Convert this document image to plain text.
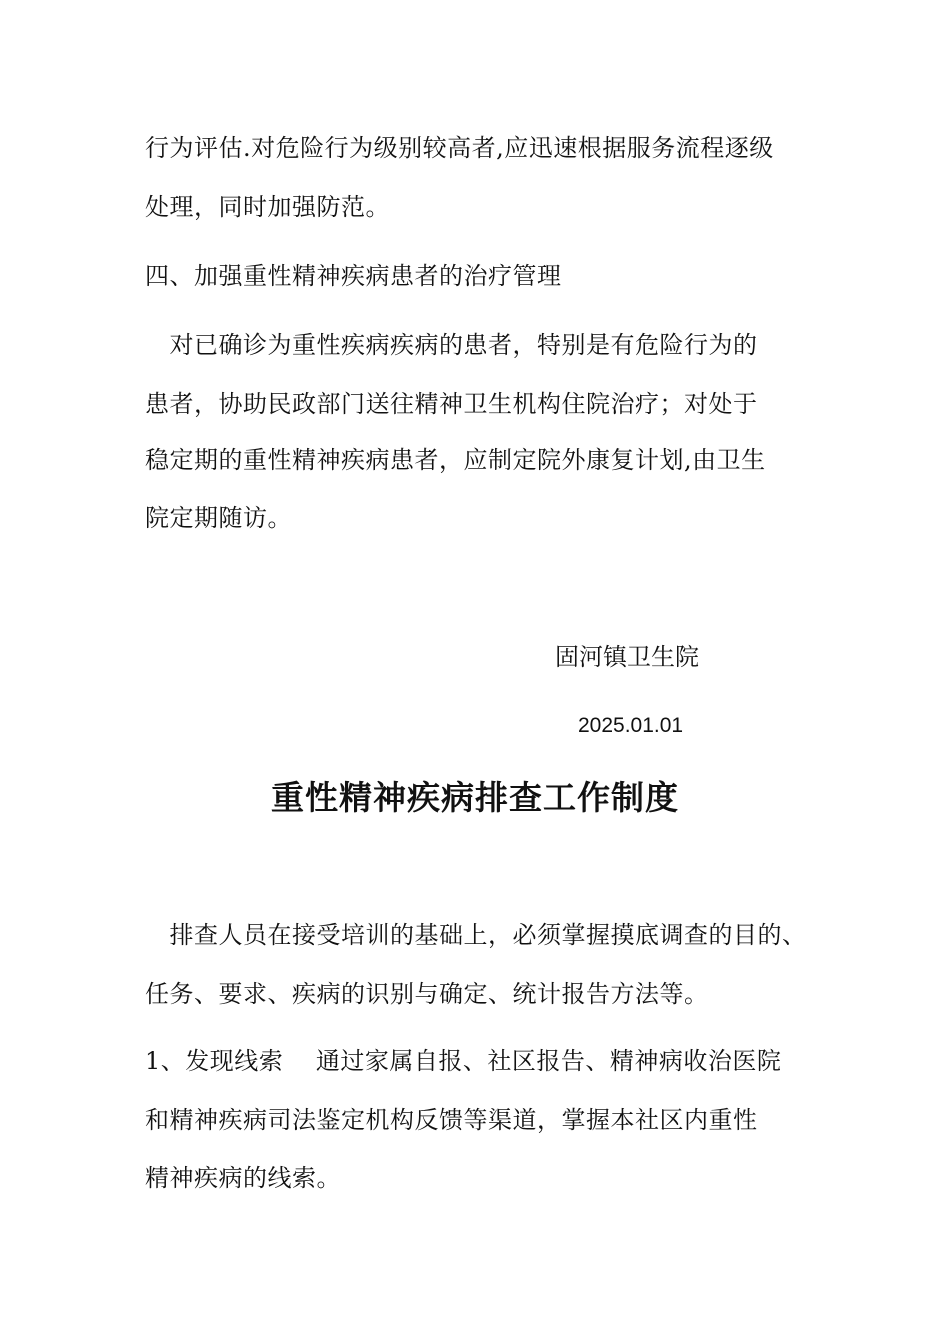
行为评估.对危险行为级别较高者,应迅速根据服务流程逐级
处理，同时加强防范。
四、加强重性精神疾病患者的治疗管理
　对已确诊为重性疾病疾病的患者，特别是有危险行为的
患者，协助民政部门送往精神卫生机构住院治疗；对处于
稳定期的重性精神疾病患者，应制定院外康复计划,由卫生
院定期随访。
固河镇卫生院
2025.01.01
重性精神疾病排查工作制度
　排查人员在接受培训的基础上，必须掌握摸底调查的目的、
任务、要求、疾病的识别与确定、统计报告方法等。
1、发现线索　 通过家属自报、社区报告、精神病收治医院
和精神疾病司法鉴定机构反馈等渠道，掌握本社区内重性
精神疾病的线索。
